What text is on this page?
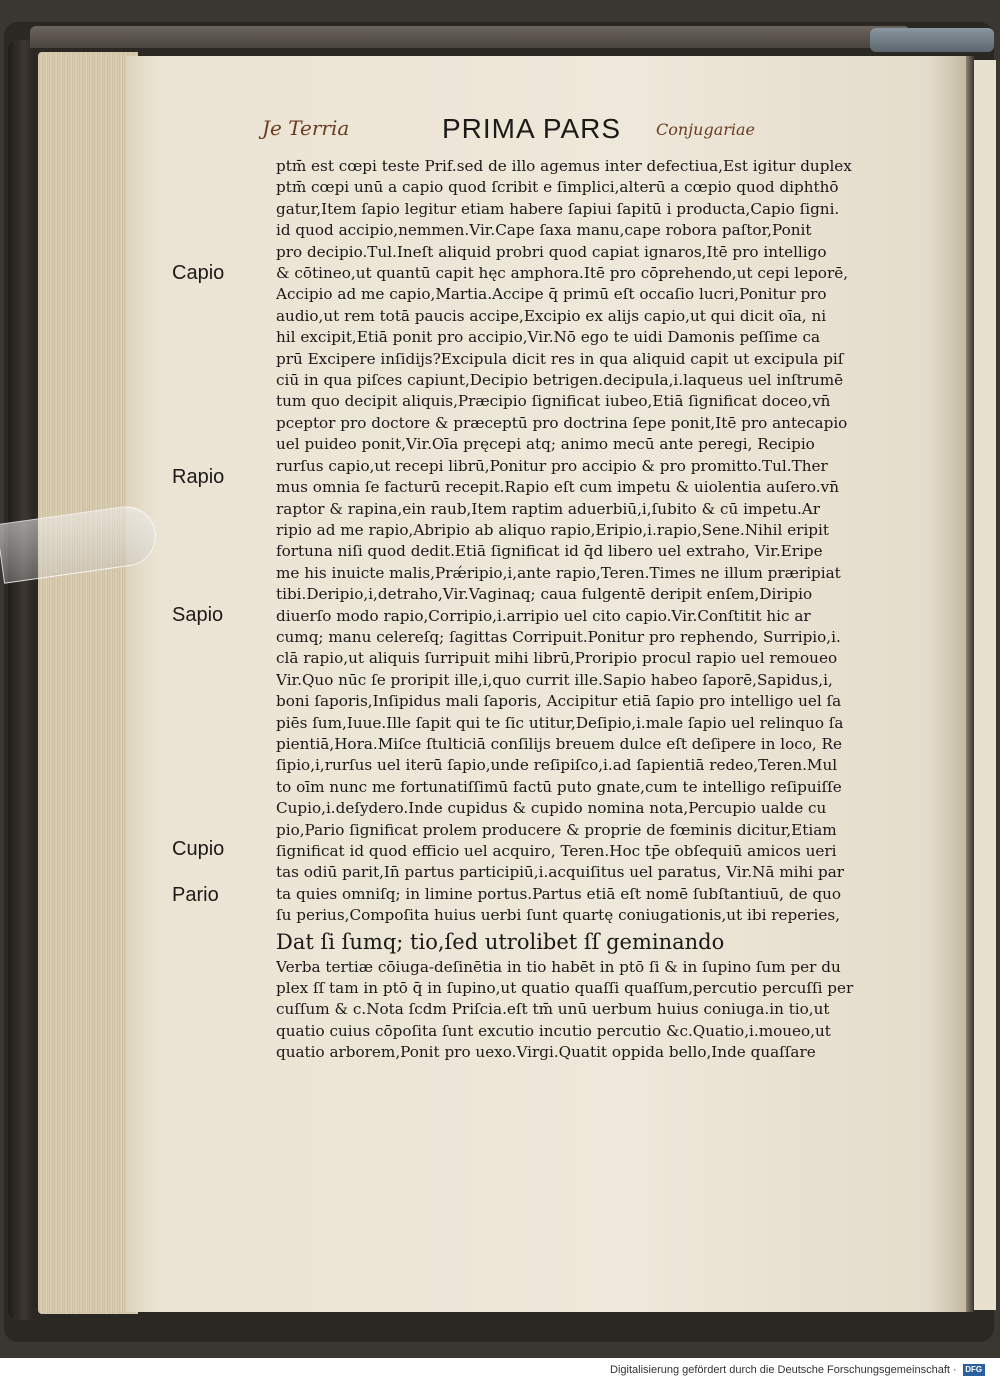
Je Terria	PRIMA PARS Conjugariae
Capio
Rapio
Sapio
Cupio
Pario
ptm̄ est cœpi teste Prif.sed de illo agemus inter defectiua,Est igitur duplex
ptm̄ cœpi unū a capio quod ſcribit e ſimplici,alterū a cœpio quod diphthō
gatur,Item ſapio legitur etiam habere ſapiui ſapitū i producta,Capio ſigni.
id quod accipio,nemmen.Vir.Cape ſaxa manu,cape robora paſtor,Ponit
pro decipio.Tul.Ineſt aliquid probri quod capiat ignaros,Itē pro intelligo
& cōtineo,ut quantū capit hęc amphora.Itē pro cōprehendo,ut cepi leporē,
Accipio ad me capio,Martia.Accipe q̄ primū eſt occaſio lucri,Ponitur pro
audio,ut rem totā paucis accipe,Excipio ex alijs capio,ut qui dicit oīa, ni
hil excipit,Etiā ponit pro accipio,Vir.Nō ego te uidi Damonis peſſime ca
prū Excipere inſidijs?Excipula dicit res in qua aliquid capit ut excipula piſ
ciū in qua piſces capiunt,Decipio betrigen.decipula,i.laqueus uel inſtrumē
tum quo decipit aliquis,Præcipio ſignificat iubeo,Etiā ſignificat doceo,vn̄
pceptor pro doctore & præceptū pro doctrina ſepe ponit,Itē pro antecapio
uel puideo ponit,Vir.Oīa pręcepi atq; animo mecū ante peregi, Recipio
rurſus capio,ut recepi librū,Ponitur pro accipio & pro promitto.Tul.Ther
mus omnia ſe facturū recepit.Rapio eſt cum impetu & uiolentia auſero.vn̄
raptor & rapina,ein raub,Item raptim aduerbiū,i,ſubito & cū impetu.Ar
ripio ad me rapio,Abripio ab aliquo rapio,Eripio,i.rapio,Sene.Nihil eripit
fortuna niſi quod dedit.Etiā ſignificat id q̄d libero uel extraho, Vir.Eripe
me his inuicte malis,Prǽripio,i,ante rapio,Teren.Times ne illum præripiat
tibi.Deripio,i,detraho,Vir.Vaginaq; caua fulgentē deripit enſem,Diripio
diuerſo modo rapio,Corripio,i.arripio uel cito capio.Vir.Conſtitit hic ar
cumq; manu celereſq; ſagittas Corripuit.Ponitur pro rephendo, Surripio,i.
clā rapio,ut aliquis ſurripuit mihi librū,Proripio procul rapio uel remoueo
Vir.Quo nūc ſe proripit ille,i,quo currit ille.Sapio habeo ſaporē,Sapidus,i,
boni ſaporis,Inſipidus mali ſaporis, Accipitur etiā ſapio pro intelligo uel ſa
piēs ſum,Iuue.Ille ſapit qui te ſic utitur,Deſipio,i.male ſapio uel relinquo ſa
pientiā,Hora.Miſce ſtulticiā conſilijs breuem dulce eſt deſipere in loco, Re
ſipio,i,rurſus uel iterū ſapio,unde reſipiſco,i.ad ſapientiā redeo,Teren.Mul
to oīm nunc me fortunatiſſimū factū puto gnate,cum te intelligo reſipuiſſe
Cupio,i.deſydero.Inde cupidus & cupido nomina nota,Percupio ualde cu
pio,Pario ſignificat prolem producere & proprie de fœminis dicitur,Etiam
ſignificat id quod efficio uel acquiro, Teren.Hoc tp̄e obſequiū amicos ueri
tas odiū parit,In̄ partus participiū,i.acquiſitus uel paratus, Vir.Nā mihi par
ta quies omniſq; in limine portus.Partus etiā eſt nomē ſubſtantiuū, de quo
ſu perius,Compoſita huius uerbi ſunt quartę coniugationis,ut ibi reperies,
Dat ſi ſumq; tio,ſed utrolibet ſſ geminando
Verba tertiæ cōiuga-deſinētia in tio habēt in ptō ſi & in ſupino ſum per du
plex ſſ tam in ptō q̄ in ſupino,ut quatio quaſſi quaſſum,percutio percuſſi per
cuſſum & c.Nota ſcdm Priſcia.eſt tm̄ unū uerbum huius coniuga.in tio,ut
quatio cuius cōpoſita ſunt excutio incutio percutio &c.Quatio,i.moueo,ut
quatio arborem,Ponit pro uexo.Virgi.Quatit oppida bello,Inde quaſſare
Digitalisierung gefördert durch die Deutsche Forschungsgemeinschaft ·	DFG
